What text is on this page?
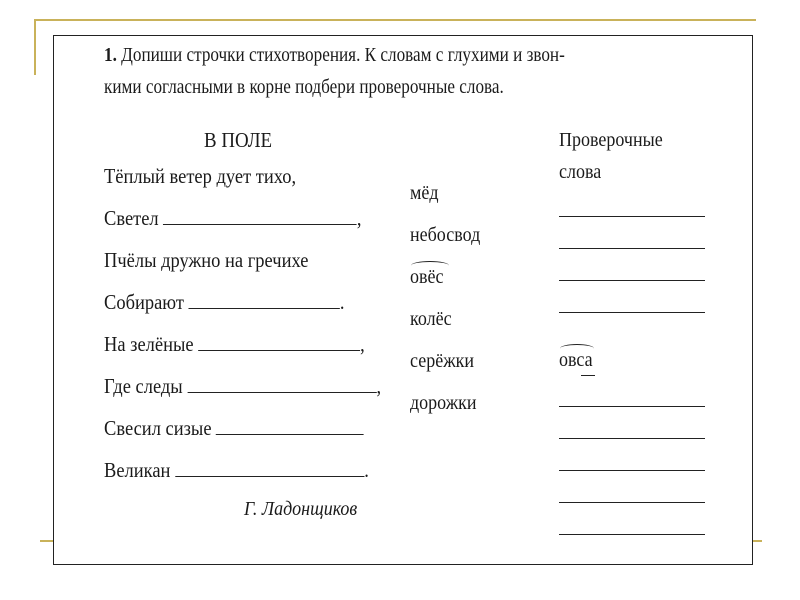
1. Допиши строчки стихотворения. К словам с глухими и звон-
кими согласными в корне подбери проверочные слова.
В ПОЛЕ
Тёплый ветер дует тихо,
Светел	,
Пчёлы дружно на гречихе
Собирают	.
На зелёные	,
Где следы	,
Свесил сизые
Великан	.
Г. Ладонщиков
мёд
небосвод
овёс
колёс
серёжки
дорожки
Проверочные
слова
овса
